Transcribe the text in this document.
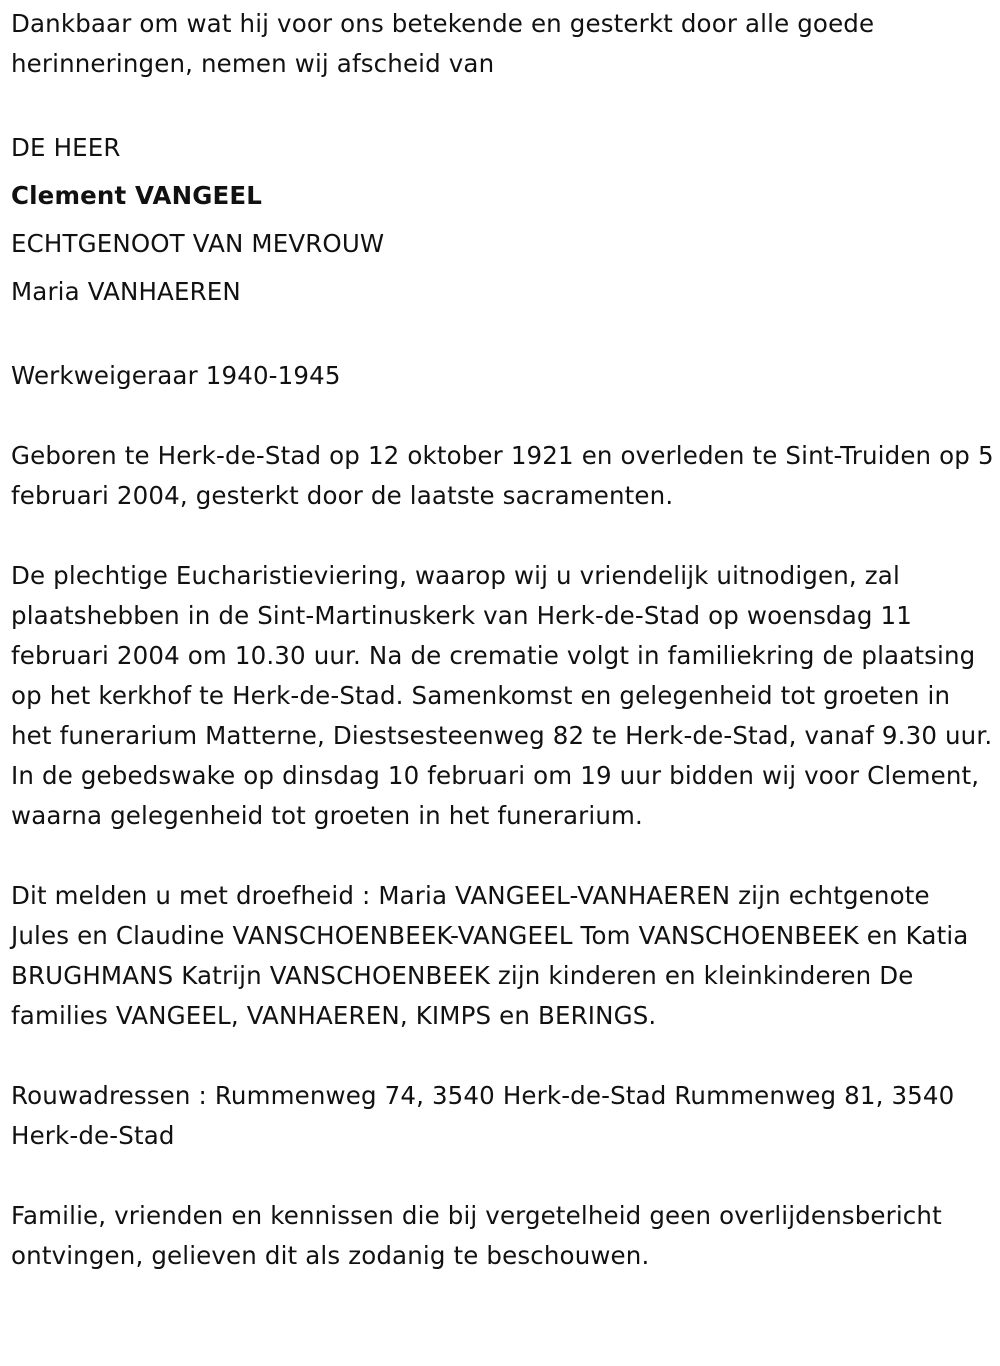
Dankbaar om wat hij voor ons betekende en gesterkt door alle goede herinneringen, nemen wij afscheid van

DE HEER

Clement VANGEEL

ECHTGENOOT VAN MEVROUW

Maria VANHAEREN

Werkweigeraar 1940-1945

Geboren te Herk-de-Stad op 12 oktober 1921 en overleden te Sint-Truiden op 5 februari 2004, gesterkt door de laatste sacramenten.

De plechtige Eucharistieviering, waarop wij u vriendelijk uitnodigen, zal plaatshebben in de Sint-Martinuskerk van Herk-de-Stad op woensdag 11 februari 2004 om 10.30 uur. Na de crematie volgt in familiekring de plaatsing op het kerkhof te Herk-de-Stad. Samenkomst en gelegenheid tot groeten in het funerarium Matterne, Diestsesteenweg 82 te Herk-de-Stad, vanaf 9.30 uur. In de gebedswake op dinsdag 10 februari om 19 uur bidden wij voor Clement, waarna gelegenheid tot groeten in het funerarium.

Dit melden u met droefheid : Maria VANGEEL-VANHAEREN zijn echtgenote Jules en Claudine VANSCHOENBEEK-VANGEEL Tom VANSCHOENBEEK en Katia BRUGHMANS Katrijn VANSCHOENBEEK zijn kinderen en kleinkinderen De families VANGEEL, VANHAEREN, KIMPS en BERINGS.

Rouwadressen : Rummenweg 74, 3540 Herk-de-Stad Rummenweg 81, 3540 Herk-de-Stad

Familie, vrienden en kennissen die bij vergetelheid geen overlijdensbericht ontvingen, gelieven dit als zodanig te beschouwen.
